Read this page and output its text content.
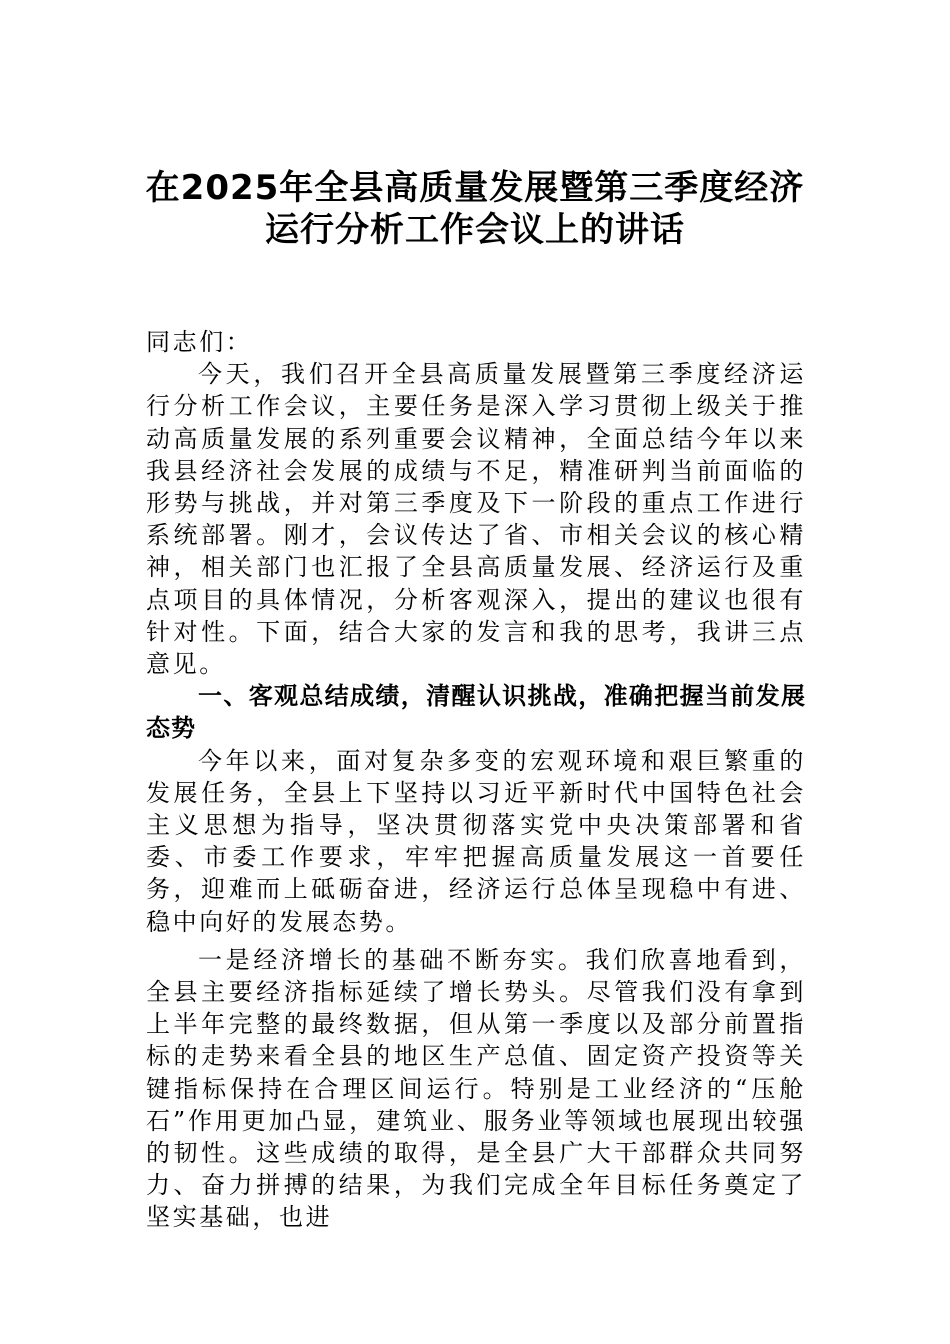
在2025年全县高质量发展暨第三季度经济
运行分析工作会议上的讲话

同志们：

今天，我们召开全县高质量发展暨第三季度经济运行分析工作会议，主要任务是深入学习贯彻上级关于推动高质量发展的系列重要会议精神，全面总结今年以来我县经济社会发展的成绩与不足，精准研判当前面临的形势与挑战，并对第三季度及下一阶段的重点工作进行系统部署。刚才，会议传达了省、市相关会议的核心精神，相关部门也汇报了全县高质量发展、经济运行及重点项目的具体情况，分析客观深入，提出的建议也很有针对性。下面，结合大家的发言和我的思考，我讲三点意见。

一、客观总结成绩，清醒认识挑战，准确把握当前发展态势

今年以来，面对复杂多变的宏观环境和艰巨繁重的发展任务，全县上下坚持以习近平新时代中国特色社会主义思想为指导，坚决贯彻落实党中央决策部署和省委、市委工作要求，牢牢把握高质量发展这一首要任务，迎难而上砥砺奋进，经济运行总体呈现稳中有进、稳中向好的发展态势。

一是经济增长的基础不断夯实。我们欣喜地看到，全县主要经济指标延续了增长势头。尽管我们没有拿到上半年完整的最终数据，但从第一季度以及部分前置指标的走势来看全县的地区生产总值、固定资产投资等关键指标保持在合理区间运行。特别是工业经济的“压舱石”作用更加凸显，建筑业、服务业等领域也展现出较强的韧性。这些成绩的取得，是全县广大干部群众共同努力、奋力拼搏的结果，为我们完成全年目标任务奠定了坚实基础，也进
